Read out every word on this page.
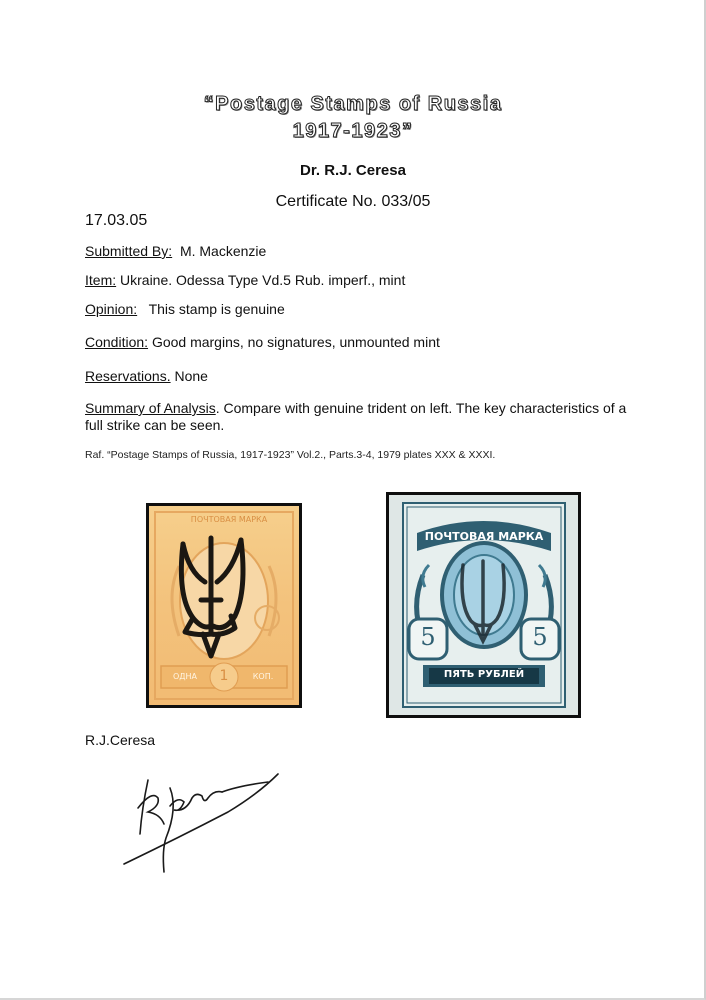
“Postage Stamps of Russia
1917-1923”
Dr. R.J. Ceresa
Certificate No. 033/05
17.03.05
Submitted By: M. Mackenzie
Item: Ukraine. Odessa Type Vd.5 Rub. imperf., mint
Opinion: This stamp is genuine
Condition: Good margins, no signatures, unmounted mint
Reservations. None
Summary of Analysis. Compare with genuine trident on left. The key characteristics of a full strike can be seen.
Raf. “Postage Stamps of Russia, 1917-1923” Vol.2., Parts.3-4, 1979 plates XXX & XXXI.
ПОЧТОВАЯ МАРКА
ОДНА	КОП.
1
ПОЧТОВАЯ МАРКА
5	5
ПЯТЬ РУБЛЕЙ
R.J.Ceresa
